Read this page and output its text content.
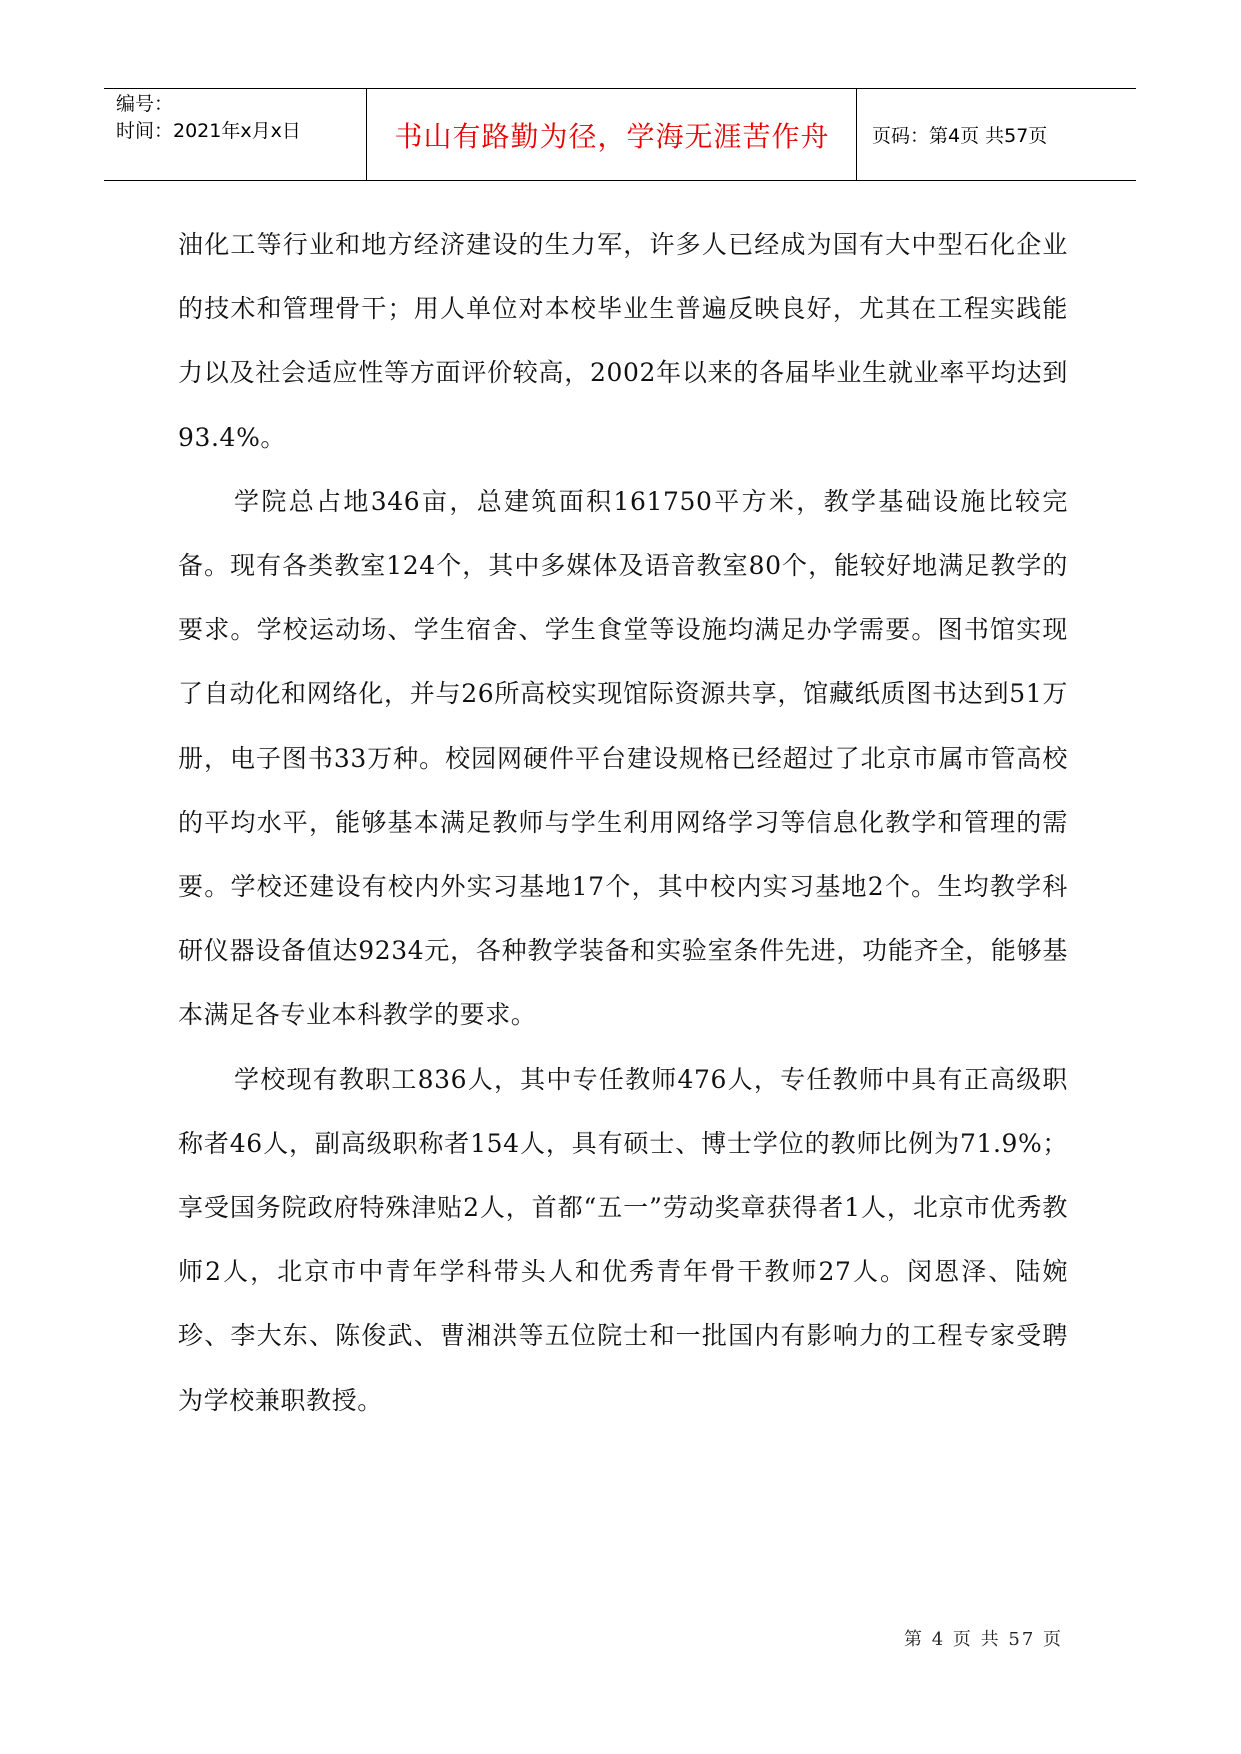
编号：
时间：2021年x月x日	书山有路勤为径，学海无涯苦作舟	页码：第4页 共57页

油化工等行业和地方经济建设的生力军，许多人已经成为国有大中型石化企业的技术和管理骨干；用人单位对本校毕业生普遍反映良好，尤其在工程实践能力以及社会适应性等方面评价较高，2002年以来的各届毕业生就业率平均达到93.4%。

学院总占地346亩，总建筑面积161750平方米，教学基础设施比较完备。现有各类教室124个，其中多媒体及语音教室80个，能较好地满足教学的要求。学校运动场、学生宿舍、学生食堂等设施均满足办学需要。图书馆实现了自动化和网络化，并与26所高校实现馆际资源共享，馆藏纸质图书达到51万册，电子图书33万种。校园网硬件平台建设规格已经超过了北京市属市管高校的平均水平，能够基本满足教师与学生利用网络学习等信息化教学和管理的需要。学校还建设有校内外实习基地17个，其中校内实习基地2个。生均教学科研仪器设备值达9234元，各种教学装备和实验室条件先进，功能齐全，能够基本满足各专业本科教学的要求。

学校现有教职工836人，其中专任教师476人，专任教师中具有正高级职称者46人，副高级职称者154人，具有硕士、博士学位的教师比例为71.9%；享受国务院政府特殊津贴2人，首都“五一”劳动奖章获得者1人，北京市优秀教师2人，北京市中青年学科带头人和优秀青年骨干教师27人。闵恩泽、陆婉珍、李大东、陈俊武、曹湘洪等五位院士和一批国内有影响力的工程专家受聘为学校兼职教授。

第 4 页 共 57 页
